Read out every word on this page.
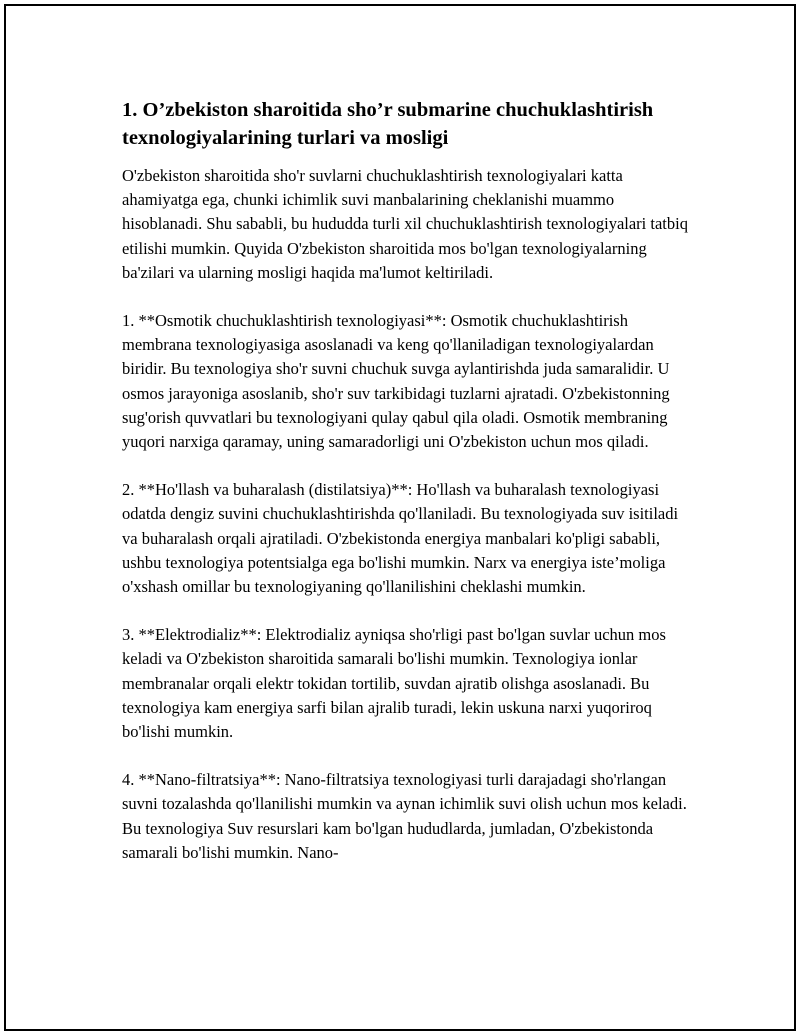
1. O’zbekiston sharoitida sho’r submarine chuchuklashtirish texnologiyalarining turlari va mosligi

O'zbekiston sharoitida sho'r suvlarni chuchuklashtirish texnologiyalari katta ahamiyatga ega, chunki ichimlik suvi manbalarining cheklanishi muammo hisoblanadi. Shu sababli, bu hududda turli xil chuchuklashtirish texnologiyalari tatbiq etilishi mumkin. Quyida O'zbekiston sharoitida mos bo'lgan texnologiyalarning ba'zilari va ularning mosligi haqida ma'lumot keltiriladi.

1. **Osmotik chuchuklashtirish texnologiyasi**: Osmotik chuchuklashtirish membrana texnologiyasiga asoslanadi va keng qo'llaniladigan texnologiyalardan biridir. Bu texnologiya sho'r suvni chuchuk suvga aylantirishda juda samaralidir. U osmos jarayoniga asoslanib, sho'r suv tarkibidagi tuzlarni ajratadi. O'zbekistonning sug'orish quvvatlari bu texnologiyani qulay qabul qila oladi. Osmotik membraning yuqori narxiga qaramay, uning samaradorligi uni O'zbekiston uchun mos qiladi.

2. **Ho'llash va buharalash (distilatsiya)**: Ho'llash va buharalash texnologiyasi odatda dengiz suvini chuchuklashtirishda qo'llaniladi. Bu texnologiyada suv isitiladi va buharalash orqali ajratiladi. O'zbekistonda energiya manbalari ko'pligi sababli, ushbu texnologiya potentsialga ega bo'lishi mumkin. Narx va energiya iste’moliga o'xshash omillar bu texnologiyaning qo'llanilishini cheklashi mumkin.

3. **Elektrodializ**: Elektrodializ ayniqsa sho'rligi past bo'lgan suvlar uchun mos keladi va O'zbekiston sharoitida samarali bo'lishi mumkin. Texnologiya ionlar membranalar orqali elektr tokidan tortilib, suvdan ajratib olishga asoslanadi. Bu texnologiya kam energiya sarfi bilan ajralib turadi, lekin uskuna narxi yuqoriroq bo'lishi mumkin.

4. **Nano-filtratsiya**: Nano-filtratsiya texnologiyasi turli darajadagi sho'rlangan suvni tozalashda qo'llanilishi mumkin va aynan ichimlik suvi olish uchun mos keladi. Bu texnologiya Suv resurslari kam bo'lgan hududlarda, jumladan, O'zbekistonda samarali bo'lishi mumkin. Nano-
